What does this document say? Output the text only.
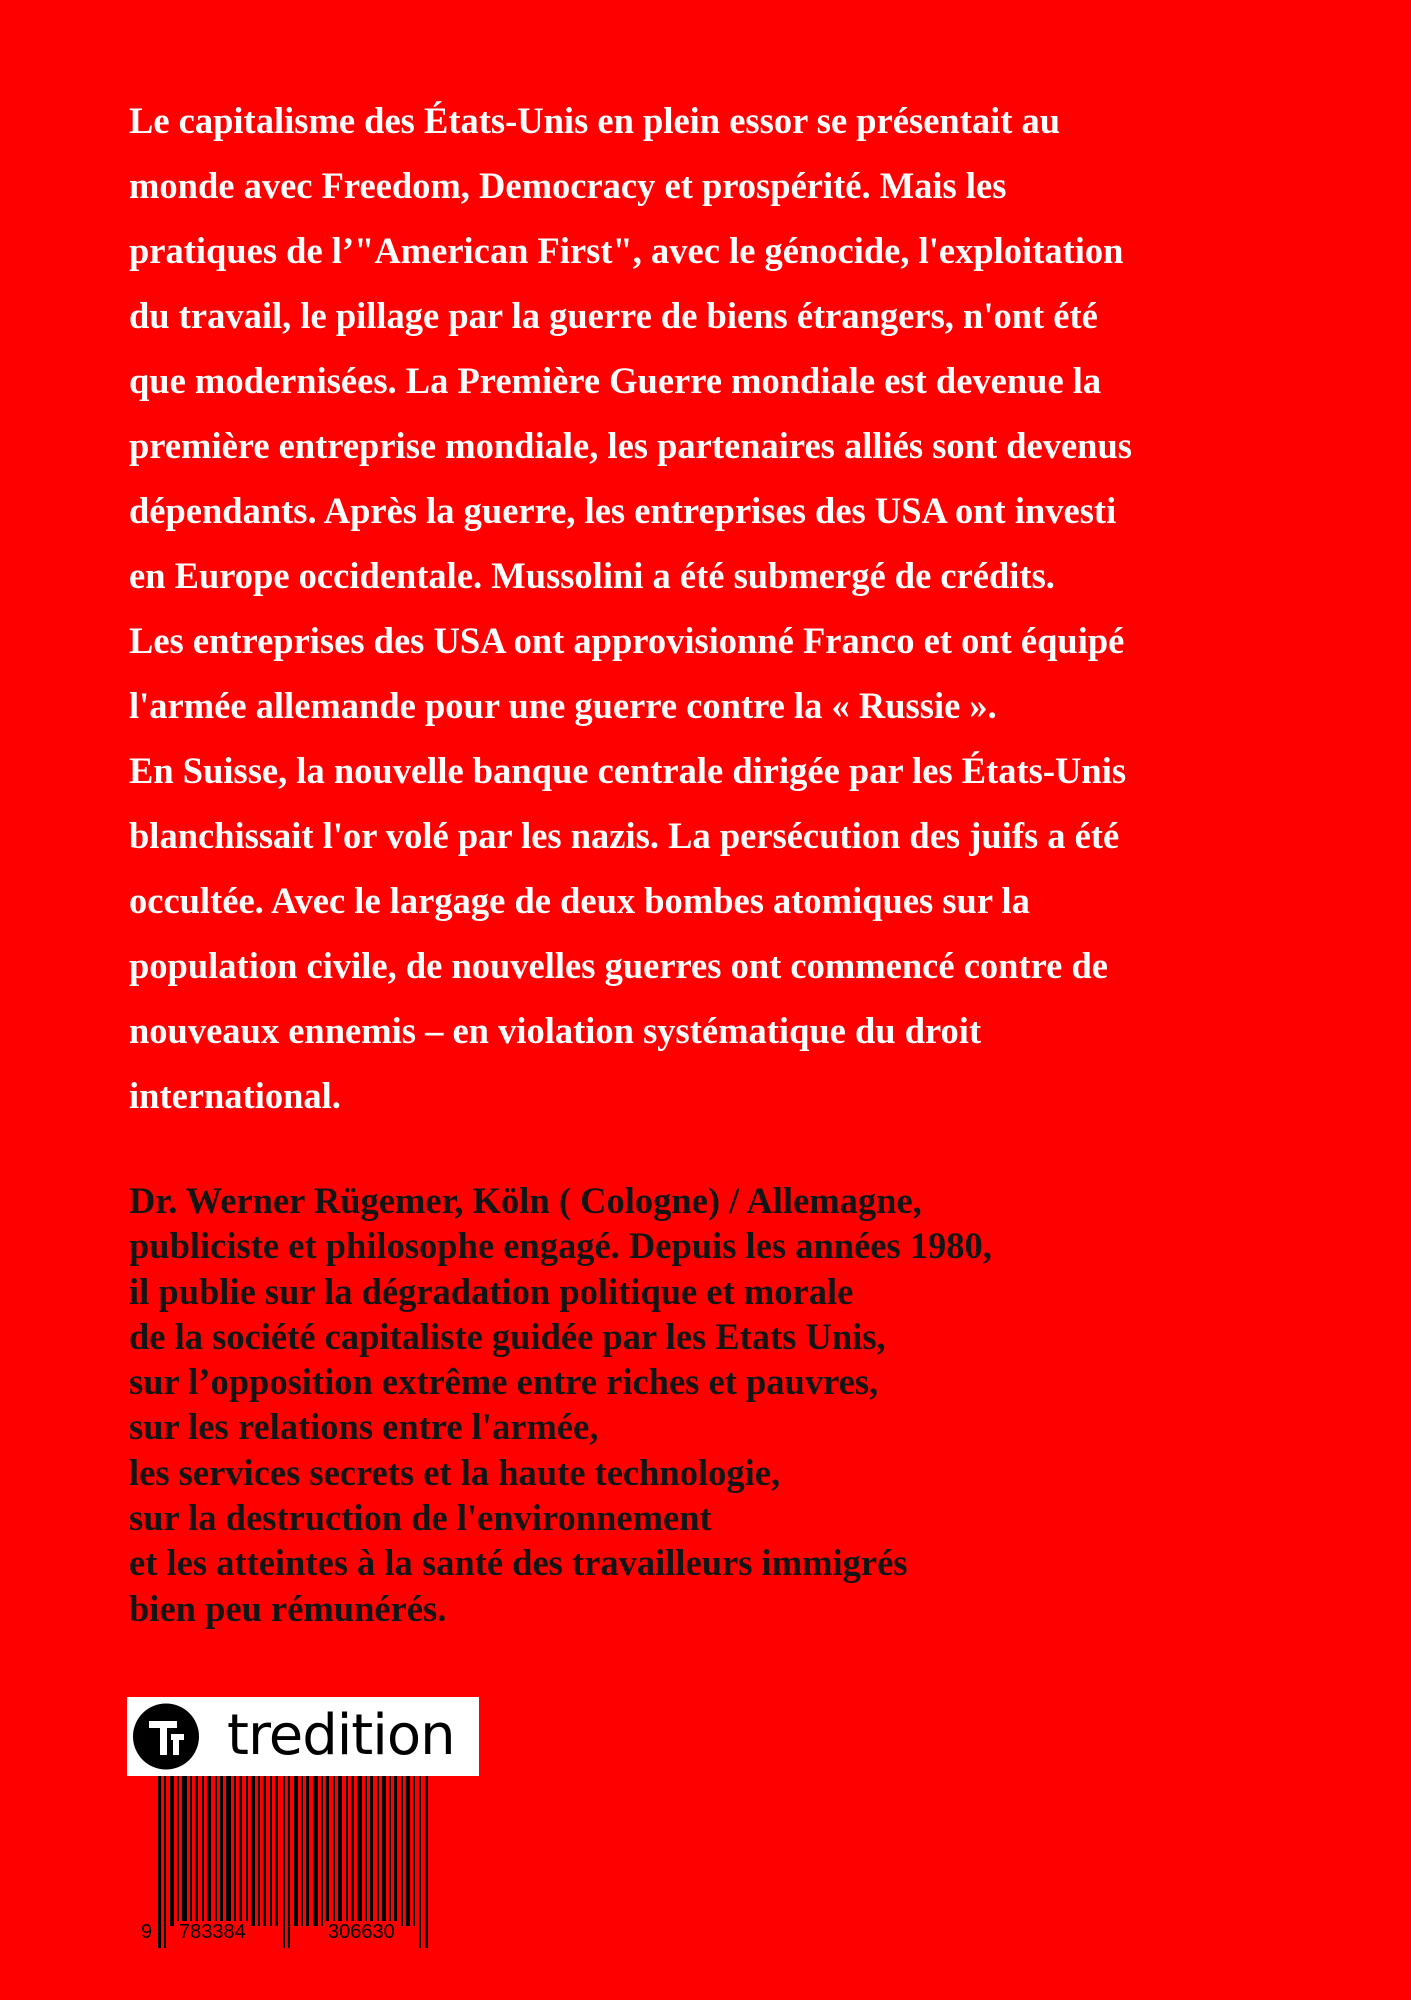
Le capitalisme des États-Unis en plein essor se présentait au
monde avec Freedom, Democracy et prospérité. Mais les
pratiques de l’"American First", avec le génocide, l'exploitation
du travail, le pillage par la guerre de biens étrangers, n'ont été
que modernisées. La Première Guerre mondiale est devenue la
première entreprise mondiale, les partenaires alliés sont devenus
dépendants. Après la guerre, les entreprises des USA ont investi
en Europe occidentale. Mussolini a été submergé de crédits.
Les entreprises des USA ont approvisionné Franco et ont équipé
l'armée allemande pour une guerre contre la « Russie ».
En Suisse, la nouvelle banque centrale dirigée par les États-Unis
blanchissait l'or volé par les nazis. La persécution des juifs a été
occultée. Avec le largage de deux bombes atomiques sur la
population civile, de nouvelles guerres ont commencé contre de
nouveaux ennemis – en violation systématique du droit
international.
Dr. Werner Rügemer, Köln ( Cologne) / Allemagne,
publiciste et philosophe engagé. Depuis les années 1980,
il publie sur la dégradation politique et morale
de la société capitaliste guidée par les Etats Unis,
sur l’opposition extrême entre riches et pauvres,
sur les relations entre l'armée,
les services secrets et la haute technologie,
sur la destruction de l'environnement
et les atteintes à la santé des travailleurs immigrés
bien peu rémunérés.
tredition
9 783384	306630
